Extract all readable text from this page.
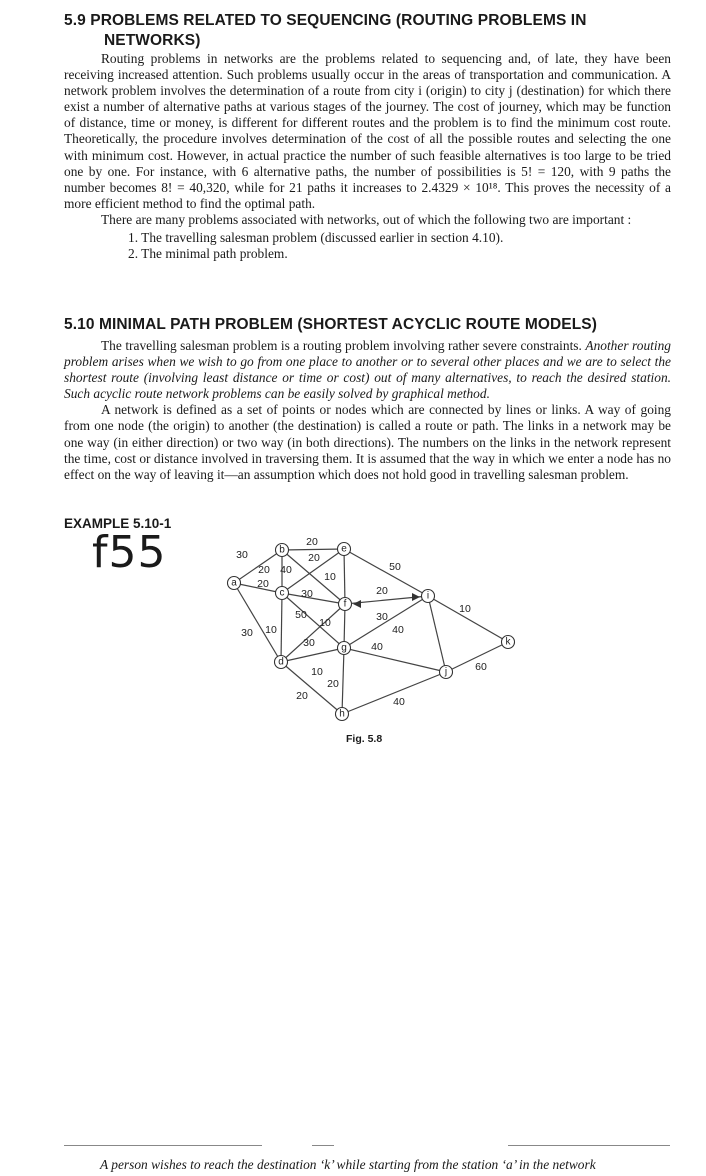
5.9 PROBLEMS RELATED TO SEQUENCING (ROUTING PROBLEMS IN
NETWORKS)

Routing problems in networks are the problems related to sequencing and, of late, they have been receiving increased attention. Such problems usually occur in the areas of transportation and communication. A network problem involves the determination of a route from city i (origin) to city j (destination) for which there exist a number of alternative paths at various stages of the journey. The cost of journey, which may be function of distance, time or money, is different for different routes and the problem is to find the minimum cost route. Theoretically, the procedure involves determination of the cost of all the possible routes and selecting the one with minimum cost. However, in actual practice the number of such feasible alternatives is too large to be tried one by one. For instance, with 6 alternative paths, the number of possibilities is 5! = 120, with 9 paths the number becomes 8! = 40,320, while for 21 paths it increases to 2.4329 × 10¹⁸. This proves the necessity of a more efficient method to find the optimal path.

There are many problems associated with networks, out of which the following two are important :

1. The travelling salesman problem (discussed earlier in section 4.10).
2. The minimal path problem.
5.10 MINIMAL PATH PROBLEM (SHORTEST ACYCLIC ROUTE MODELS)

The travelling salesman problem is a routing problem involving rather severe constraints. Another routing problem arises when we wish to go from one place to another or to several other places and we are to select the shortest route (involving least distance or time or cost) out of many alternatives, to reach the desired station. Such acyclic route network problems can be easily solved by graphical method.

A network is defined as a set of points or nodes which are connected by lines or links. A way of going from one node (the origin) to another (the destination) is called a route or path. The links in a network may be one way (in either direction) or two way (in both directions). The numbers on the links in the network represent the time, cost or distance involved in traversing them. It is assumed that the way in which we enter a node has no effect on the way of leaving it—an assumption which does not hold good in travelling salesman problem.

EXAMPLE 5.10-1
f55	30
20
20
40
20
20
10
30
50
10
30 10
50
20
30
40
40
10
20
20	40
10
60
30
a
b
c
d
e
f
g
h
i
j
k
Fig. 5.8
A person wishes to reach the destination ‘k’ while starting from the station ‘a’ in the network
